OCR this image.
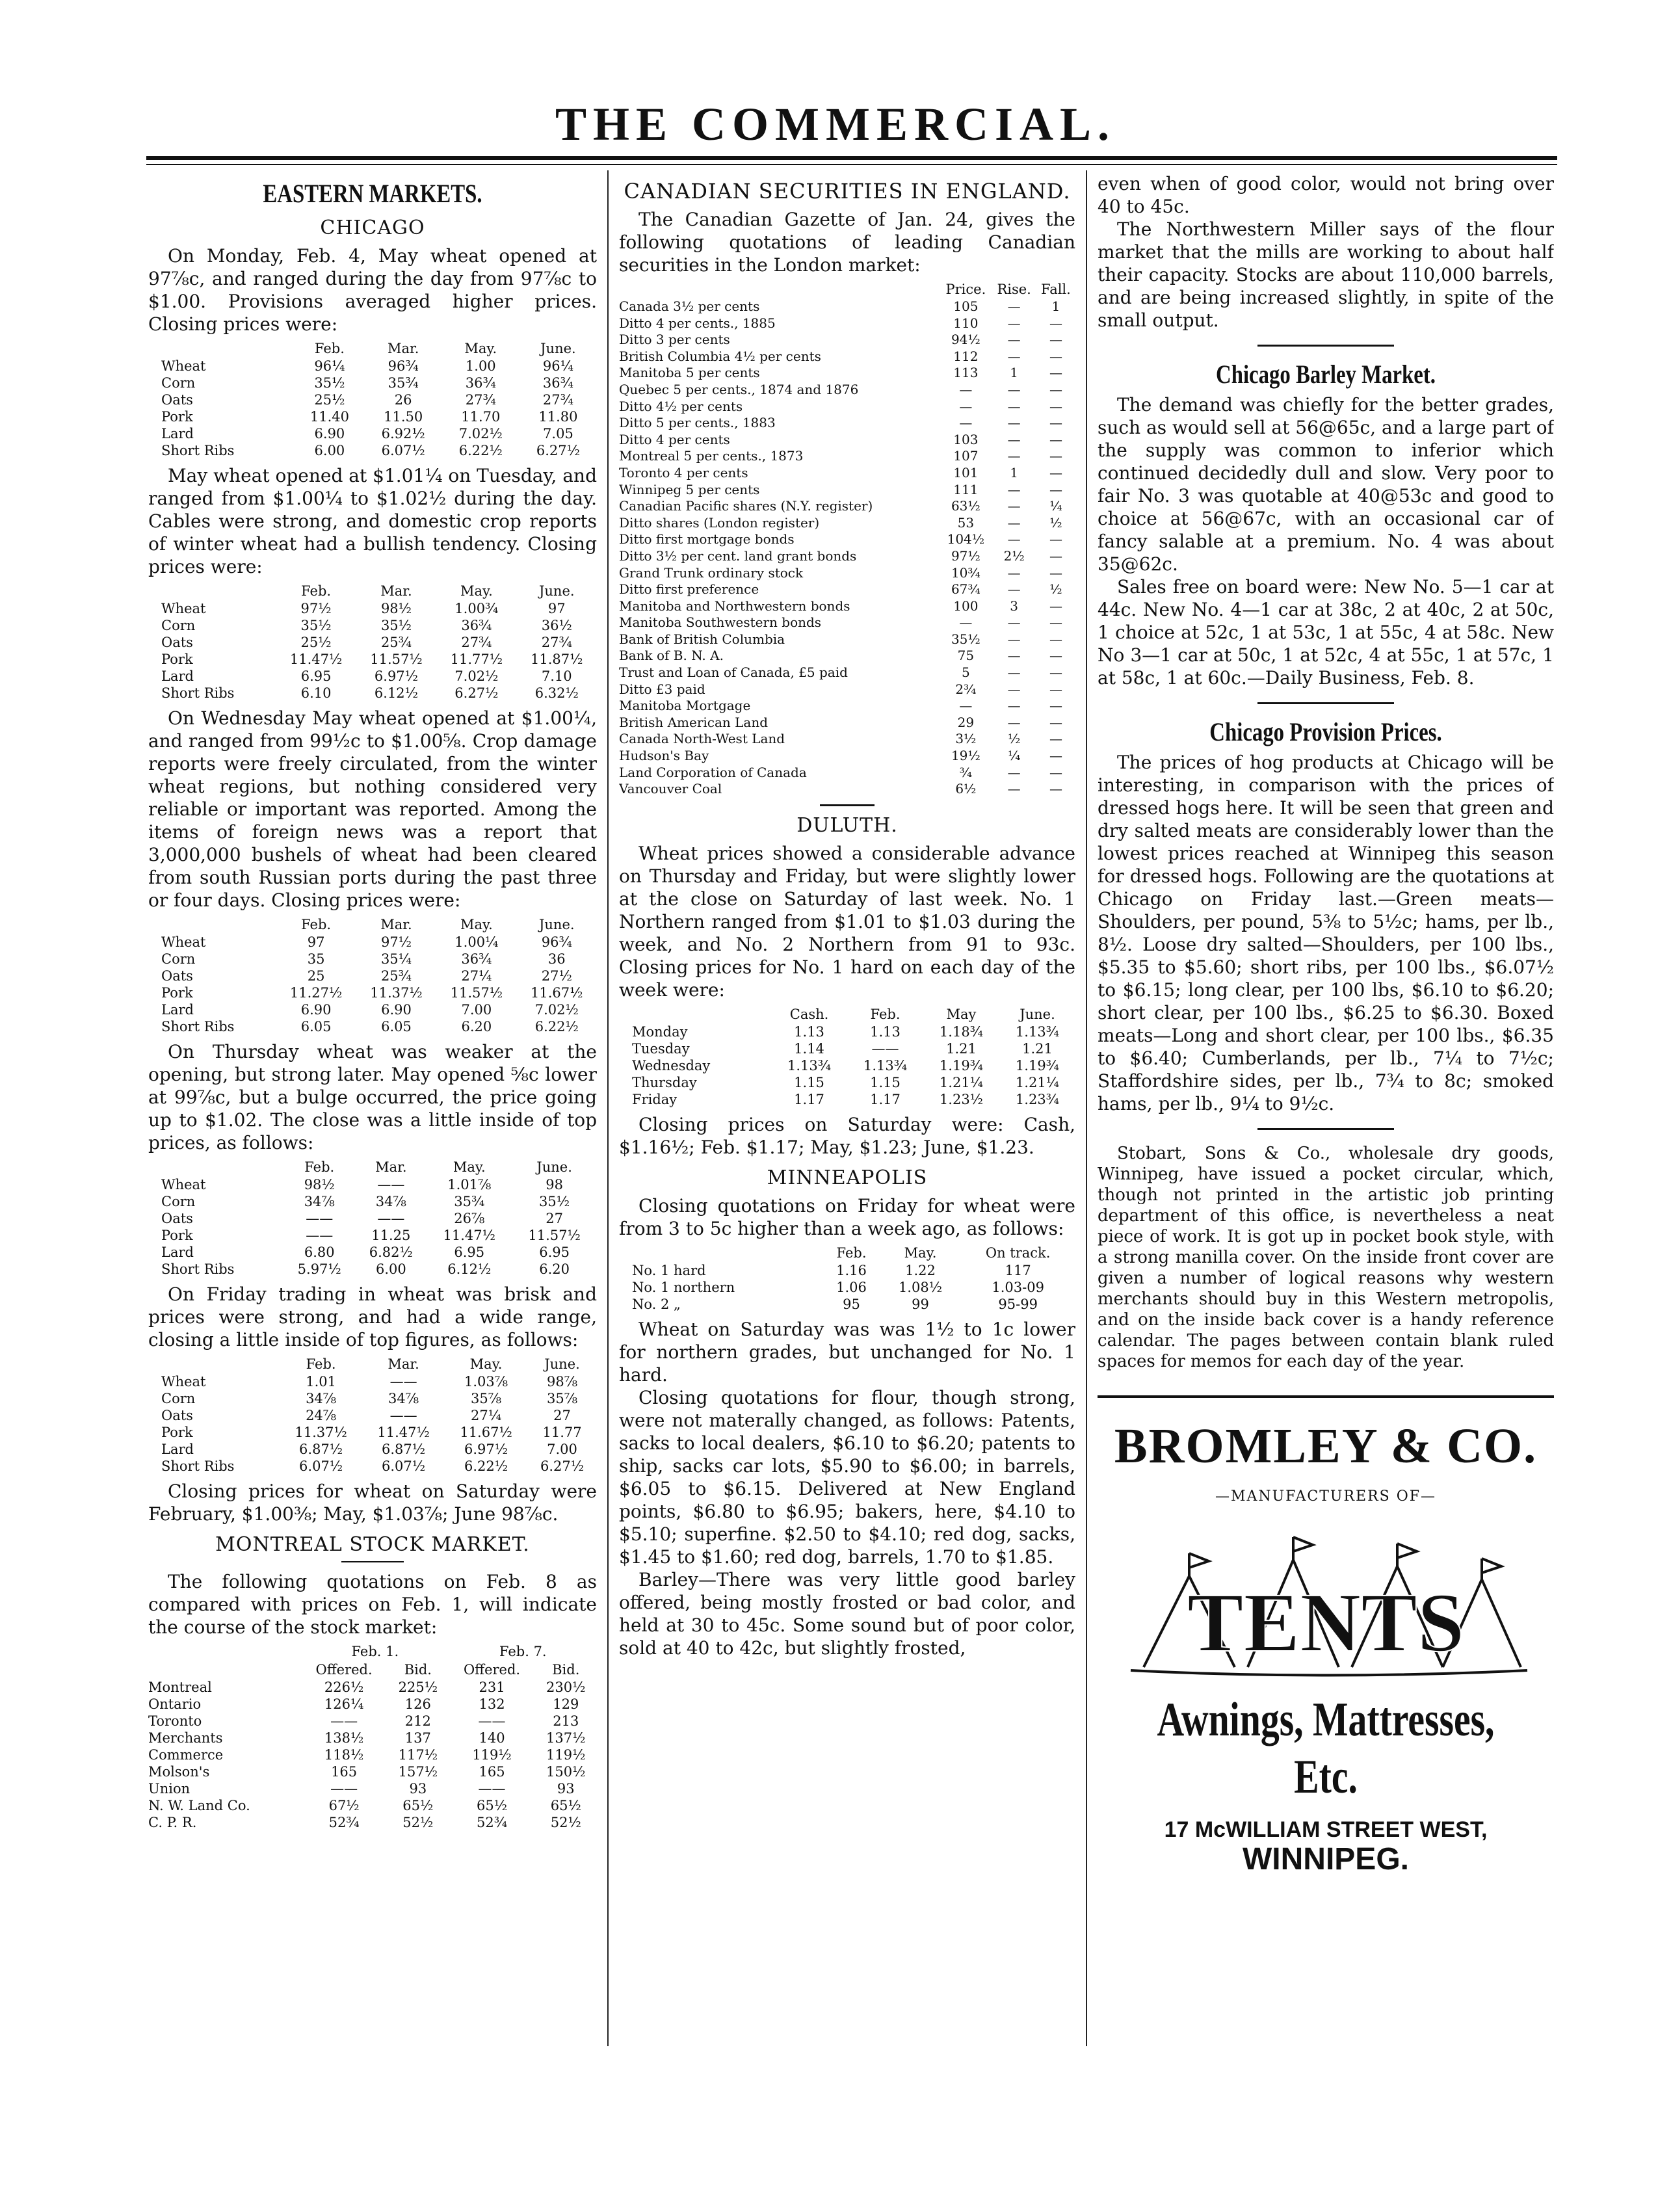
THE COMMERCIAL.
EASTERN MARKETS.
CHICAGO

On Monday, Feb. 4, May wheat opened at 97⅞c, and ranged during the day from 97⅞c to $1.00. Provisions averaged higher prices. Closing prices were:

	Feb.	Mar.	May.	June.
Wheat	96¼	96¾	1.00	96¼
Corn	35½	35¾	36¾	36¾
Oats	25½	26	27¾	27¾
Pork	11.40	11.50	11.70	11.80
Lard	6.90	6.92½	7.02½	7.05
Short Ribs	6.00	6.07½	6.22½	6.27½

May wheat opened at $1.01¼ on Tuesday, and ranged from $1.00¼ to $1.02½ during the day. Cables were strong, and domestic crop reports of winter wheat had a bullish tendency. Closing prices were:

	Feb.	Mar.	May.	June.
Wheat	97½	98½	1.00¾	97
Corn	35½	35½	36¾	36½
Oats	25½	25¾	27¾	27¾
Pork	11.47½	11.57½	11.77½	11.87½
Lard	6.95	6.97½	7.02½	7.10
Short Ribs	6.10	6.12½	6.27½	6.32½

On Wednesday May wheat opened at $1.00¼, and ranged from 99½c to $1.00⅝. Crop damage reports were freely circulated, from the winter wheat regions, but nothing considered very reliable or important was reported. Among the items of foreign news was a report that 3,000,000 bushels of wheat had been cleared from south Russian ports during the past three or four days. Closing prices were:

	Feb.	Mar.	May.	June.
Wheat	97	97½	1.00¼	96¾
Corn	35	35¼	36¾	36
Oats	25	25¾	27¼	27½
Pork	11.27½	11.37½	11.57½	11.67½
Lard	6.90	6.90	7.00	7.02½
Short Ribs	6.05	6.05	6.20	6.22½

On Thursday wheat was weaker at the opening, but strong later. May opened ⅝c lower at 99⅞c, but a bulge occurred, the price going up to $1.02. The close was a little inside of top prices, as follows:

	Feb.	Mar.	May.	June.
Wheat	98½	——	1.01⅞	98
Corn	34⅞	34⅞	35¾	35½
Oats	——	——	26⅞	27
Pork	——	11.25	11.47½	11.57½
Lard	6.80	6.82½	6.95	6.95
Short Ribs	5.97½	6.00	6.12½	6.20

On Friday trading in wheat was brisk and prices were strong, and had a wide range, closing a little inside of top figures, as follows:

	Feb.	Mar.	May.	June.
Wheat	1.01	——	1.03⅞	98⅞
Corn	34⅞	34⅞	35⅞	35⅞
Oats	24⅞	——	27¼	27
Pork	11.37½	11.47½	11.67½	11.77
Lard	6.87½	6.87½	6.97½	7.00
Short Ribs	6.07½	6.07½	6.22½	6.27½

Closing prices for wheat on Saturday were February, $1.00⅜; May, $1.03⅞; June 98⅞c.

MONTREAL STOCK MARKET.

The following quotations on Feb. 8 as compared with prices on Feb. 1, will indicate the course of the stock market:

	Feb. 1.		Feb. 7.	
	Offered.	Bid.	Offered.	Bid.
Montreal	226½	225½	231	230½
Ontario	126¼	126	132	129
Toronto	——	212	——	213
Merchants	138½	137	140	137½
Commerce	118½	117½	119½	119½
Molson's	165	157½	165	150½
Union	——	93	——	93
N. W. Land Co.	67½	65½	65½	65½
C. P. R.	52¾	52½	52¾	52½
CANADIAN SECURITIES IN ENGLAND.

The Canadian Gazette of Jan. 24, gives the following quotations of leading Canadian securities in the London market:

	Price.	Rise.	Fall.
Canada 3½ per cents	105	—	1
Ditto 4 per cents., 1885	110	—	—
Ditto 3 per cents	94½	—	—
British Columbia 4½ per cents	112	—	—
Manitoba 5 per cents	113	1	—
Quebec 5 per cents., 1874 and 1876	—	—	—
Ditto 4½ per cents	—	—	—
Ditto 5 per cents., 1883	—	—	—
Ditto 4 per cents	103	—	—
Montreal 5 per cents., 1873	107	—	—
Toronto 4 per cents	101	1	—
Winnipeg 5 per cents	111	—	—
Canadian Pacific shares (N.Y. register)	63½	—	¼
Ditto shares (London register)	53	—	½
Ditto first mortgage bonds	104½	—	—
Ditto 3½ per cent. land grant bonds	97½	2½	—
Grand Trunk ordinary stock	10¾	—	—
Ditto first preference	67¾	—	½
Manitoba and Northwestern bonds	100	3	—
Manitoba Southwestern bonds	—	—	—
Bank of British Columbia	35½	—	—
Bank of B. N. A.	75	—	—
Trust and Loan of Canada, £5 paid	5	—	—
Ditto £3 paid	2¾	—	—
Manitoba Mortgage	—	—	—
British American Land	29	—	—
Canada North-West Land	3½	½	—
Hudson's Bay	19½	¼	—
Land Corporation of Canada	¾	—	—
Vancouver Coal	6½	—	—
DULUTH.

Wheat prices showed a considerable advance on Thursday and Friday, but were slightly lower at the close on Saturday of last week. No. 1 Northern ranged from $1.01 to $1.03 during the week, and No. 2 Northern from 91 to 93c. Closing prices for No. 1 hard on each day of the week were:

	Cash.	Feb.	May	June.
Monday	1.13	1.13	1.18¾	1.13¾
Tuesday	1.14	——	1.21	1.21
Wednesday	1.13¾	1.13¾	1.19¾	1.19¾
Thursday	1.15	1.15	1.21¼	1.21¼
Friday	1.17	1.17	1.23½	1.23¾

Closing prices on Saturday were: Cash, $1.16½; Feb. $1.17; May, $1.23; June, $1.23.

MINNEAPOLIS

Closing quotations on Friday for wheat were from 3 to 5c higher than a week ago, as follows:

	Feb.	May.	On track.
No. 1 hard	1.16	1.22	117
No. 1 northern	1.06	1.08½	1.03-09
No. 2 „	95	99	95-99

Wheat on Saturday was was 1½ to 1c lower for northern grades, but unchanged for No. 1 hard.

Closing quotations for flour, though strong, were not materally changed, as follows: Patents, sacks to local dealers, $6.10 to $6.20; patents to ship, sacks car lots, $5.90 to $6.00; in barrels, $6.05 to $6.15. Delivered at New England points, $6.80 to $6.95; bakers, here, $4.10 to $5.10; superfine. $2.50 to $4.10; red dog, sacks, $1.45 to $1.60; red dog, barrels, 1.70 to $1.85.

Barley—There was very little good barley offered, being mostly frosted or bad color, and held at 30 to 45c. Some sound but of poor color, sold at 40 to 42c, but slightly frosted,

even when of good color, would not bring over 40 to 45c.

The Northwestern Miller says of the flour market that the mills are working to about half their capacity. Stocks are about 110,000 barrels, and are being increased slightly, in spite of the small output.

Chicago Barley Market.

The demand was chiefly for the better grades, such as would sell at 56@65c, and a large part of the supply was common to inferior which continued decidedly dull and slow. Very poor to fair No. 3 was quotable at 40@53c and good to choice at 56@67c, with an occasional car of fancy salable at a premium. No. 4 was about 35@62c.

Sales free on board were: New No. 5—1 car at 44c. New No. 4—1 car at 38c, 2 at 40c, 2 at 50c, 1 choice at 52c, 1 at 53c, 1 at 55c, 4 at 58c. New No 3—1 car at 50c, 1 at 52c, 4 at 55c, 1 at 57c, 1 at 58c, 1 at 60c.—Daily Business, Feb. 8.

Chicago Provision Prices.

The prices of hog products at Chicago will be interesting, in comparison with the prices of dressed hogs here. It will be seen that green and dry salted meats are considerably lower than the lowest prices reached at Winnipeg this season for dressed hogs. Following are the quotations at Chicago on Friday last.—Green meats—Shoulders, per pound, 5⅜ to 5½c; hams, per lb., 8½. Loose dry salted—Shoulders, per 100 lbs., $5.35 to $5.60; short ribs, per 100 lbs., $6.07½ to $6.15; long clear, per 100 lbs, $6.10 to $6.20; short clear, per 100 lbs., $6.25 to $6.30. Boxed meats—Long and short clear, per 100 lbs., $6.35 to $6.40; Cumberlands, per lb., 7¼ to 7½c; Staffordshire sides, per lb., 7¾ to 8c; smoked hams, per lb., 9¼ to 9½c.

Stobart, Sons & Co., wholesale dry goods, Winnipeg, have issued a pocket circular, which, though not printed in the artistic job printing department of this office, is nevertheless a neat piece of work. It is got up in pocket book style, with a strong manilla cover. On the inside front cover are given a number of logical reasons why western merchants should buy in this Western metropolis, and on the inside back cover is a handy reference calendar. The pages between contain blank ruled spaces for memos for each day of the year.

BROMLEY & CO.
—MANUFACTURERS OF—
TENTS
Awnings, Mattresses, Etc.
17 McWILLIAM STREET WEST,
WINNIPEG.
